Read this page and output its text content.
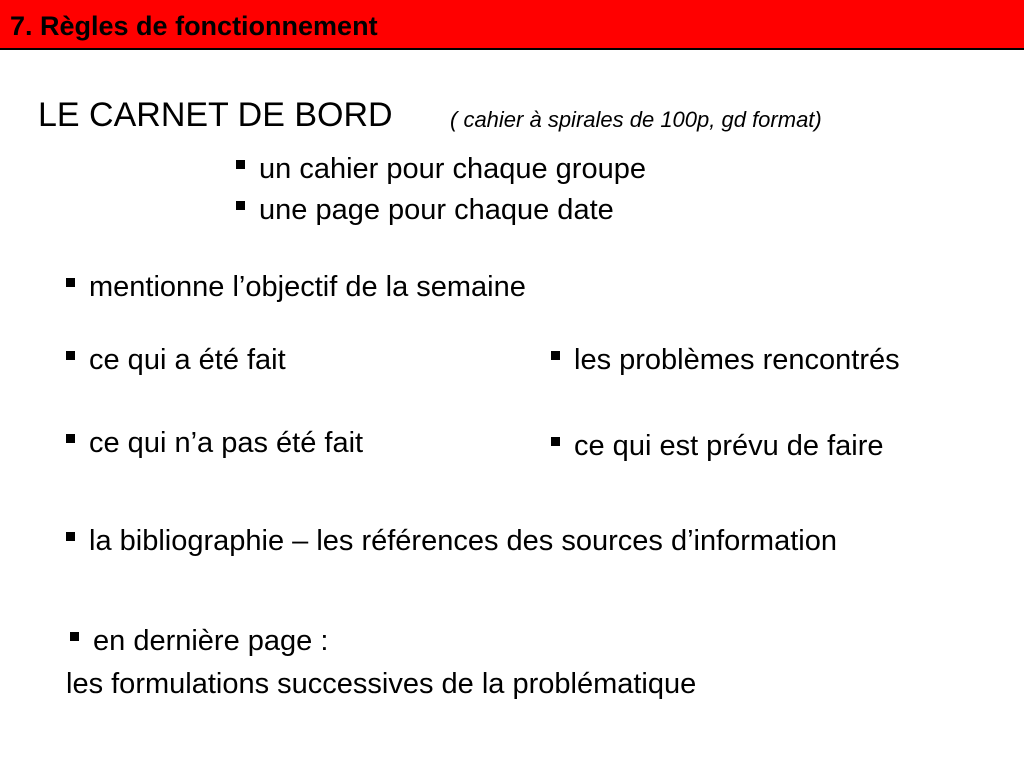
7. Règles de fonctionnement
LE CARNET DE BORD	( cahier à spirales de 100p, gd format)
un cahier pour chaque groupe
une page pour chaque date
mentionne l’objectif de la semaine
ce qui a été fait	les problèmes rencontrés
ce qui n’a pas été fait	ce qui est prévu de faire
la bibliographie – les références des sources d’information
en dernière page :
les formulations successives de la problématique
